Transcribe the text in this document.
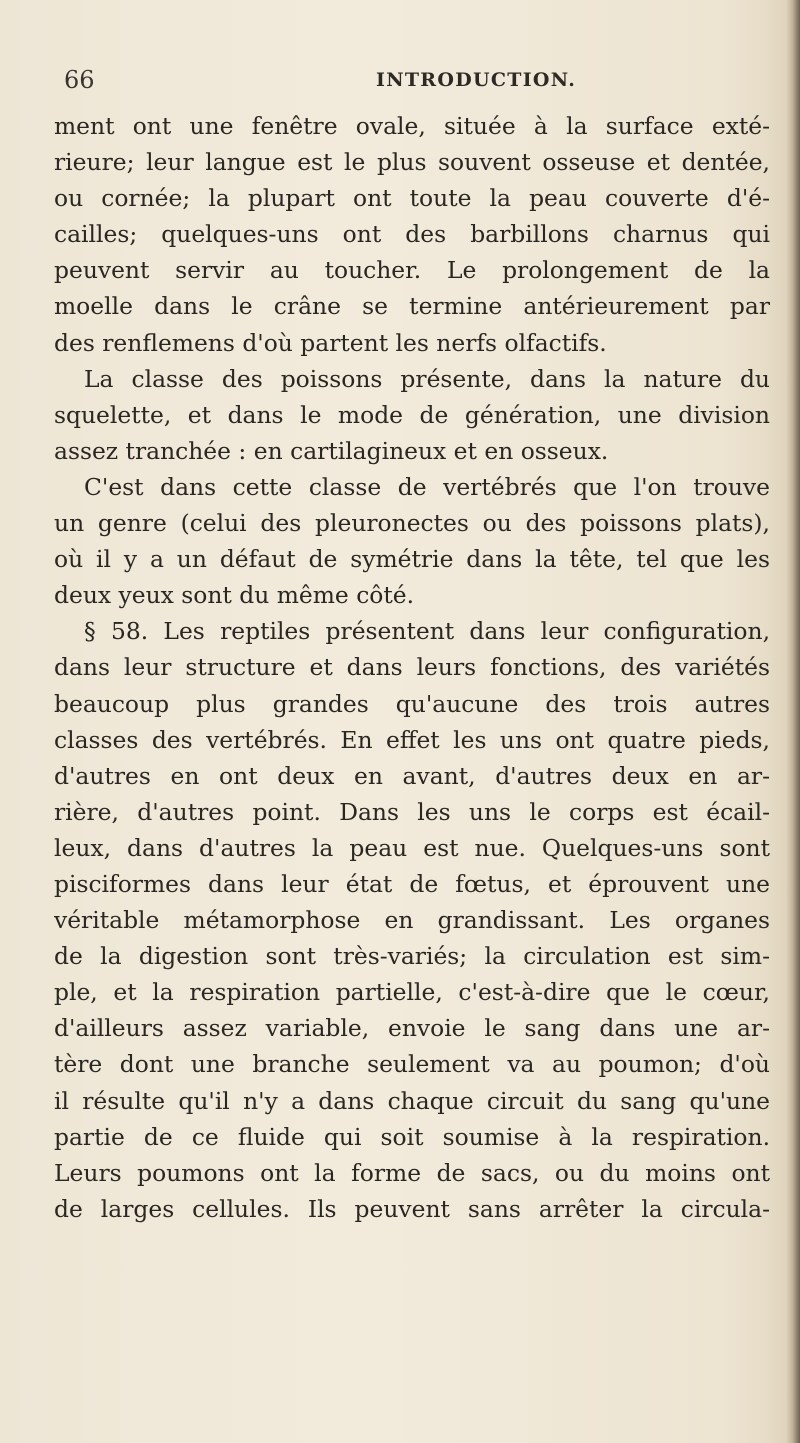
66	INTRODUCTION.
ment ont une fenêtre ovale, située à la surface exté-
rieure; leur langue est le plus souvent osseuse et dentée,
ou cornée; la plupart ont toute la peau couverte d'é-
cailles; quelques-uns ont des barbillons charnus qui
peuvent servir au toucher. Le prolongement de la
moelle dans le crâne se termine antérieurement par
des renflemens d'où partent les nerfs olfactifs.
La classe des poissons présente, dans la nature du
squelette, et dans le mode de génération, une division
assez tranchée : en cartilagineux et en osseux.
C'est dans cette classe de vertébrés que l'on trouve
un genre (celui des pleuronectes ou des poissons plats),
où il y a un défaut de symétrie dans la tête, tel que les
deux yeux sont du même côté.
§ 58. Les reptiles présentent dans leur configuration,
dans leur structure et dans leurs fonctions, des variétés
beaucoup plus grandes qu'aucune des trois autres
classes des vertébrés. En effet les uns ont quatre pieds,
d'autres en ont deux en avant, d'autres deux en ar-
rière, d'autres point. Dans les uns le corps est écail-
leux, dans d'autres la peau est nue. Quelques-uns sont
pisciformes dans leur état de fœtus, et éprouvent une
véritable métamorphose en grandissant. Les organes
de la digestion sont très-variés; la circulation est sim-
ple, et la respiration partielle, c'est-à-dire que le cœur,
d'ailleurs assez variable, envoie le sang dans une ar-
tère dont une branche seulement va au poumon; d'où
il résulte qu'il n'y a dans chaque circuit du sang qu'une
partie de ce fluide qui soit soumise à la respiration.
Leurs poumons ont la forme de sacs, ou du moins ont
de larges cellules. Ils peuvent sans arrêter la circula-
